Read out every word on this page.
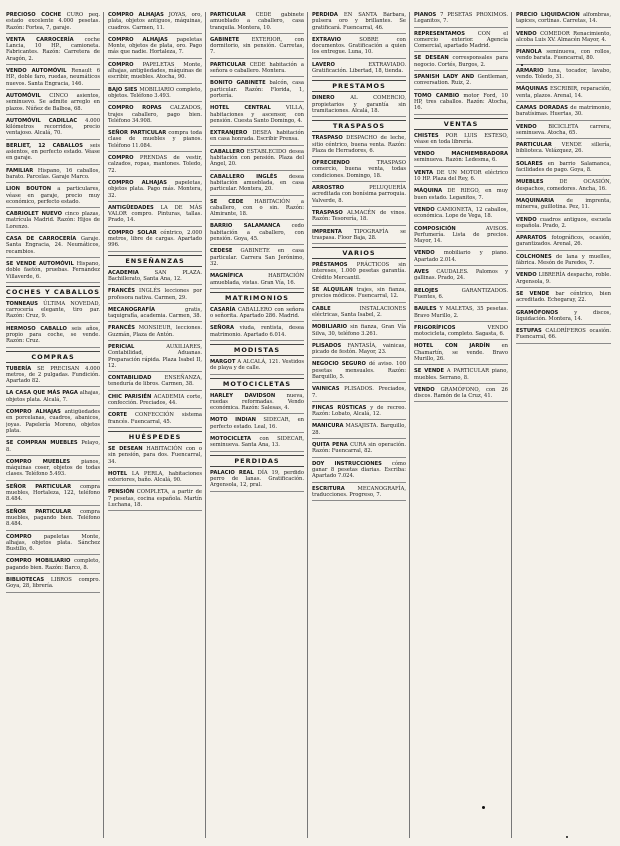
PRECIOSO COCHE CURO peq. estado excelente 4.000 pesetas. Razón: Fortea, 7, garaje.

VENTA CARROCERÍA coche Lancia, 10 HP., camioneta. Fabricantes. Razón: Carretera de Aragón, 2.

VENDO AUTOMÓVIL Renault 6 HP., doble faro, ruedas, neumáticos nuevos. Santa Engracia, 146.

AUTOMÓVIL CINCO asientos, seminuevo. Se admite arreglo en plazos. Núñez de Balboa, 68.

AUTOMÓVIL CADILLAC 4.000 kilómetros recorridos, precio ventajoso. Alcalá, 70.

BERLIET, 12 CABALLOS seis asientos, en perfecto estado. Véase en garaje.

FAMILIAR Hispano, 16 caballos, barato. Parcelas. Garaje Marco.

LION BOUTON a particulares, véase en garaje, precio muy económico, perfecto estado.

CABRIOLET NUEVO cinco plazas, matrícula Madrid. Razón: Hijos de Lorenzo.

CASA DE CARROCERÍA Garaje. Santa Engracia, 24. Neumáticos, recambios.

SE VENDE AUTOMÓVIL Hispano, doble faetón, pruebas. Fernández Villaverde, 6.

COCHES Y CABALLOS

TONNEAUS ÚLTIMA NOVEDAD, carrocería elegante, tiro par. Razón: Cruz, 9.

HERMOSO CABALLO seis años, propio para coche, se vende. Razón: Cruz.

COMPRAS

TUBERÍA SE PRECISAN 4.000 metros, de 2 pulgadas. Fundición. Apartado 82.

LA CASA QUE MÁS PAGA alhajas, objetos plata. Alcalá, 7.

COMPRO ALHAJAS antigüedades en porcelanas, cuadros, abanicos, joyas. Papelería Moreno, objetos plata.

SE COMPRAN MUEBLES Pelayo, 8.

COMPRO MUEBLES pianos, máquinas coser, objetos de todas clases. Teléfono 5.493.

SEÑOR PARTICULAR compra muebles, Hortaleza, 122, teléfono 8.484.

SEÑOR PARTICULAR compra muebles, pagando bien. Teléfono 8.484.

COMPRO papeletas Monte, alhajas, objetos plata. Sánchez Bustillo, 6.

COMPRO MOBILIARIO completo, pagando bien. Razón: Barco, 8.

BIBLIOTECAS LIBROS compro. Goya, 28, librería.

COMPRO ALHAJAS JOYAS, oro, plata, objetos antiguos, máquinas, cuadros. Carmen, 11.

COMPRO ALHAJAS papeletas Monte, objetos de plata, oro. Pago más que nadie. Hortaleza, 7.

COMPRO PAPELETAS Monte, alhajas, antigüedades, máquinas de escribir, muebles. Atocha, 90.

BAJO SIES MOBILIARIO completo, objetos. Teléfono 3.493.

COMPRO ROPAS CALZADOS, trajes caballero, pago bien. Teléfono 34.908.

SEÑOR PARTICULAR compra toda clase de muebles y pianos. Teléfono 11.084.

COMPRO PRENDAS de vestir, calzados, ropas, mantones. Toledo, 72.

COMPRO ALHAJAS papeletas, objetos plata. Pago más. Montera, 32.

ANTIGÜEDADES LA DE MÁS VALOR compro. Pinturas, tallas. Prado, 14.

COMPRO SOLAR céntrico, 2.000 metros, libre de cargas. Apartado 996.

ENSEÑANZAS

ACADEMIA	SAN PLAZA. Bachillerato, Santa Ana, 12.

FRANCÉS INGLÉS lecciones por profesora nativa. Carmen, 29.

MECANOGRAFÍA	gratis, taquigrafía, academia. Carmen, 38.

FRANCÉS MONSIEUR, lecciones. Guzmán, Plaza de Antón.

PERICIAL	AUXILIARES, Contabilidad, Aduanas. Preparación rápida. Plaza Isabel II, 12.

CONTABILIDAD	ENSEÑANZA, teneduría de libros. Carmen, 38.

CHIC PARISIÉN ACADEMIA corte, confección. Preciados, 44.

CORTE CONFECCIÓN sistema francés. Fuencarral, 45.

HUÉSPEDES

SE DESEAN HABITACIÓN con o sin pensión, para dos. Fuencarral, 34.

HOTEL LA PERLA, habitaciones exteriores, baño. Alcalá, 90.

PENSIÓN COMPLETA, a partir de 7 pesetas, cocina española. Martín Luchana, 18.

PARTICULAR CEDE gabinete amueblado a caballero, casa tranquila. Montera, 10.

GABINETE EXTERIOR, con dormitorio, sin pensión. Carretas, 7.

PARTICULAR CEDE habitación a señora o caballero. Montera.

BONITO GABINETE balcón, casa particular. Razón: Florida, 1, portería.

HOTEL CENTRAL	VILLA, habitaciones y ascensor, con pensión. Cuesta Santo Domingo, 4.

EXTRANJERO DESEA habitación en casa honrada. Escribir Prensa.

CABALLERO ESTABLECIDO desea habitación con pensión. Plaza del Ángel, 20.

CABALLERO INGLÉS desea habitación amueblada, en casa particular. Montera, 20.

SE CEDE HABITACIÓN a caballero, con o sin. Razón: Almirante, 18.

BARRIO SALAMANCA cedo habitación a caballero, con pensión. Goya, 45.

CEDESE GABINETE en casa particular. Carrera San Jerónimo, 32.

MAGNÍFICA	HABITACIÓN amueblada, vistas. Gran Vía, 16.

MATRIMONIOS

CASARÍA CABALLERO con señora o señorita. Apartado 286. Madrid.

SEÑORA viuda, rentista, desea matrimonio. Apartado 6.014.

MODISTAS

MARGOT A ALCALÁ, 121. Vestidos de playa y de calle.

MOTOCICLETAS

HARLEY DAVIDSON nueva, ruedas reformadas. Vendo económica. Razón: Salesas, 4.

MOTO INDIAN SIDECAR, en perfecto estado. Leal, 16.

MOTOCICLETA con SIDECAR, seminueva. Santa Ana, 13.

PERDIDAS

PALACIO REAL DÍA 19, perdido perro de lanas. Gratificación. Argensola, 12, pral.

PERDIDA EN SANTA Bárbara, pulsera oro y brillantes. Se gratificará. Fuencarral, 46.

EXTRAVIO	SOBRE con documentos. Gratificación a quien los entregue. Luna, 10.

LAVERO	EXTRAVIADO. Gratificación. Libertad, 18, tienda.

PRESTAMOS

DINERO	AL COMERCIO, propietarios y garantía sin tramitaciones. Alcalá, 18.

TRASPASOS

TRASPASO DESPACHO de leche, sitio céntrico, buena venta. Razón: Plaza de Herradores, 6.

OFRECIENDO	TRASPASO comercio, buena venta, todas condiciones. Domingo, 18.

ARROSTRO	PELUQUERÍA acreditada con bonísima parroquia. Valverde, 8.

TRASPASO ALMACÉN de vinos. Razón: Tesorería, 18.

IMPRENTA TIPOGRAFÍA se traspasa. Floor Baja, 28.

VARIOS

PRÉSTAMOS PRÁCTICOS sin intereses, 1.000 pesetas garantía. Crédito Mercantil.

SE ALQUILAN trajes, sin fianza, precios módicos. Fuencarral, 12.

CABLE	INSTALACIONES eléctricas, Santa Isabel, 2.

MOBILIARIO sin fianza, Gran Vía Silva, 30, teléfono 3.261.

PLISADOS FANTASÍA, vainicas, picado de festón. Mayor, 23.

NEGOCIO SEGURO dé aviso. 100 pesetas mensuales. Razón: Barquillo, 5.

VAINICAS PLISADOS. Preciados, 7.

FINCAS RÚSTICAS y de recreo. Razón: Lobato, Alcalá, 12.

MANICURA MASAJISTA. Barquillo, 28.

QUITA PENA CURA sin operación. Razón: Fuencarral, 82.

DOY INSTRUCCIONES cómo ganar 8 pesetas diarias. Escriba: Apartado 7.024.

ESCRITURA MECANOGRAFÍA, traducciones. Progreso, 7.

PIANOS 7 PESETAS PRÓXIMOS. Leganitos, 7.

REPRESENTAMOS CON el comercio exterior. Agencia Comercial, apartado Madrid.

SE DESEAN corresponsales para negocio. Cortés, Burgos, 2.

SPANISH LADY AND Gentleman, conversation. Ruiz, 2.

TOMO CAMBIO motor Ford, 10 HP, tres caballos. Razón: Atocha, 16.

VENTAS

CHISTES POR LUIS ESTESO, véase en toda librería.

VENDO MACHIEMBRADORA seminueva. Razón: Ledesma, 6.

VENTA DE UN MOTOR eléctrico 10 HP. Plaza del Rey, 6.

MÁQUINA DE RIEGO, en muy buen estado. Leganitos, 7.

VENDO CAMIONETA, 12 caballos, económica. Lope de Vega, 18.

COMPOSICIÓN	AVISOS. Perfumería. Lista de precios. Mayor, 14.

VENDO mobiliario y piano. Apartado 2.014.

AVES CAUDALES. Palomos y gallinas. Prado, 24.

RELOJES	GARANTIZADOS. Fuentes, 6.

BAULES Y MALETAS, 35 pesetas. Bravo Murillo, 2.

FRIGORÍFICOS	VENDO motocicleta, completo. Sagasta, 6.

HOTEL CON JARDÍN en Chamartín, se vende. Bravo Murillo, 26.

SE VENDE A PARTICULAR piano, muebles. Serrano, 8.

VENDO GRAMÓFONO, con 26 discos. Ramón de la Cruz, 41.

PRECIO LIQUIDACIÓN alfombras, tapices, cortinas. Carretas, 14.

VENDO COMEDOR Renacimiento, alcoba Luis XV. Almacén Mayor, 4.

PIANOLA seminueva, con rollos, vendo barata. Fuencarral, 80.

ARMARIO luna, tocador, lavabo, vendo. Toledo, 31.

MÁQUINAS ESCRIBIR, reparación, venta, plazos. Arenal, 14.

CAMAS DORADAS de matrimonio, baratísimas. Huertas, 30.

VENDO BICICLETA carrera, seminueva. Atocha, 65.

PARTICULAR VENDE sillería, biblioteca. Velázquez, 26.

SOLARES en barrio Salamanca, facilidades de pago. Goya, 8.

MUEBLES	DE OCASIÓN, despachos, comedores. Ancha, 16.

MAQUINARIA de imprenta, minerva, guillotina. Pez, 11.

VENDO cuadros antiguos, escuela española. Prado, 2.

APARATOS fotográficos, ocasión, garantizados. Arenal, 26.

COLCHONES de lana y muelles, fábrica. Mesón de Paredes, 7.

VENDO LIBRERÍA despacho, roble. Argensola, 9.

SE VENDE bar céntrico, bien acreditado. Echegaray, 22.

GRAMÓFONOS	y discos, liquidación. Montera, 14.

ESTUFAS CALORÍFEROS ocasión. Fuencarral, 66.
